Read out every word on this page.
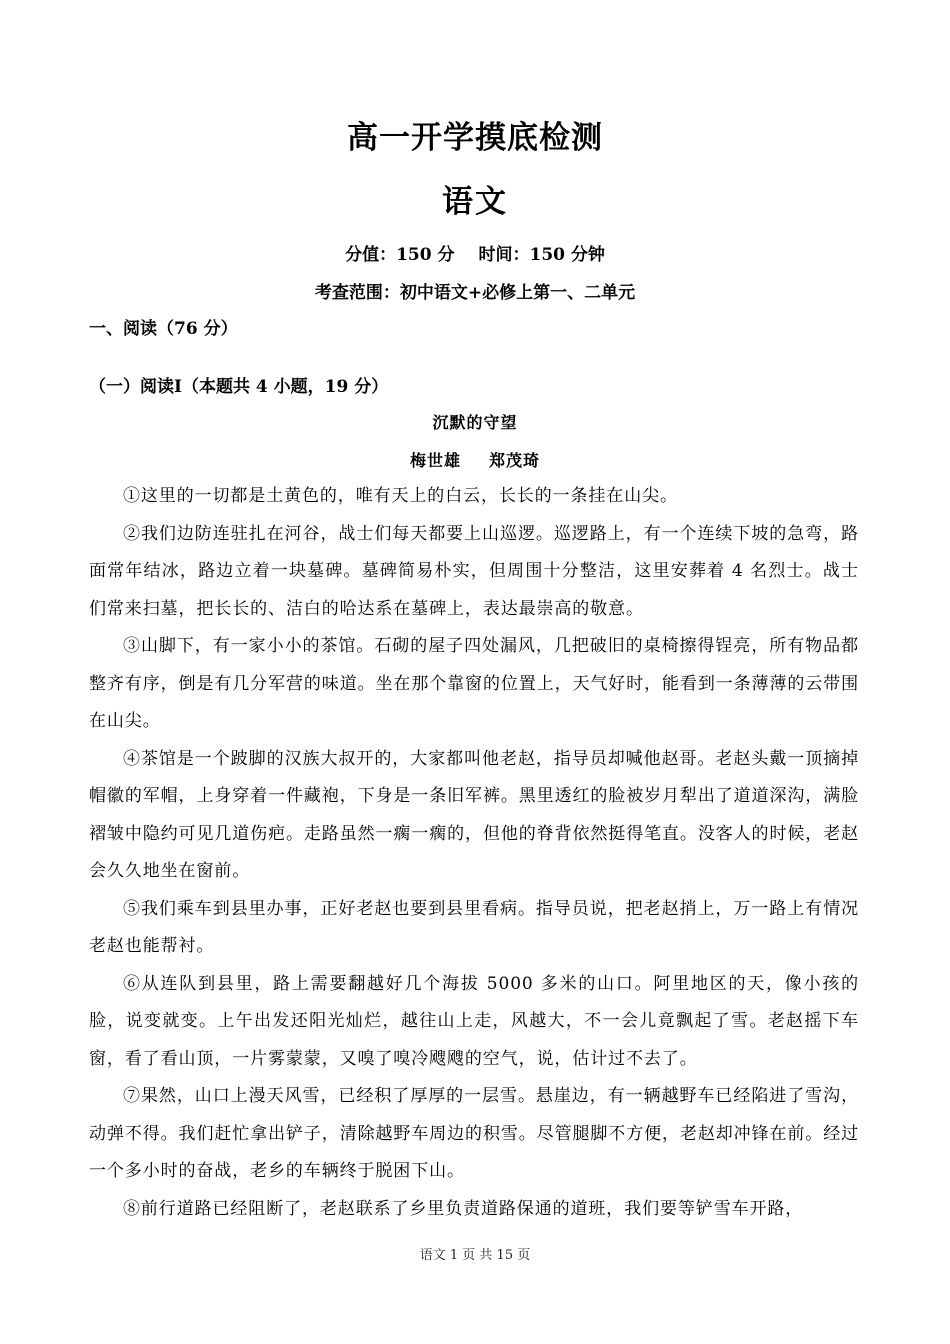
高一开学摸底检测
语文
分值：150 分 时间：150 分钟
考查范围：初中语文+必修上第一、二单元
一、阅读（76 分）
（一）阅读I（本题共 4 小题，19 分）
沉默的守望
梅世雄 郑茂琦

①这里的一切都是土黄色的，唯有天上的白云，长长的一条挂在山尖。

②我们边防连驻扎在河谷，战士们每天都要上山巡逻。巡逻路上，有一个连续下坡的急弯，路面常年结冰，路边立着一块墓碑。墓碑简易朴实，但周围十分整洁，这里安葬着 4 名烈士。战士们常来扫墓，把长长的、洁白的哈达系在墓碑上，表达最崇高的敬意。

③山脚下，有一家小小的茶馆。石砌的屋子四处漏风，几把破旧的桌椅擦得锃亮，所有物品都整齐有序，倒是有几分军营的味道。坐在那个靠窗的位置上，天气好时，能看到一条薄薄的云带围在山尖。

④茶馆是一个跛脚的汉族大叔开的，大家都叫他老赵，指导员却喊他赵哥。老赵头戴一顶摘掉帽徽的军帽，上身穿着一件藏袍，下身是一条旧军裤。黑里透红的脸被岁月犁出了道道深沟，满脸褶皱中隐约可见几道伤疤。走路虽然一瘸一瘸的，但他的脊背依然挺得笔直。没客人的时候，老赵会久久地坐在窗前。

⑤我们乘车到县里办事，正好老赵也要到县里看病。指导员说，把老赵捎上，万一路上有情况老赵也能帮衬。

⑥从连队到县里，路上需要翻越好几个海拔 5000 多米的山口。阿里地区的天，像小孩的脸，说变就变。上午出发还阳光灿烂，越往山上走，风越大，不一会儿竟飘起了雪。老赵摇下车窗，看了看山顶，一片雾蒙蒙，又嗅了嗅冷飕飕的空气，说，估计过不去了。

⑦果然，山口上漫天风雪，已经积了厚厚的一层雪。悬崖边，有一辆越野车已经陷进了雪沟，动弹不得。我们赶忙拿出铲子，清除越野车周边的积雪。尽管腿脚不方便，老赵却冲锋在前。经过一个多小时的奋战，老乡的车辆终于脱困下山。

⑧前行道路已经阻断了，老赵联系了乡里负责道路保通的道班，我们要等铲雪车开路，

语文 1 页 共 15 页
